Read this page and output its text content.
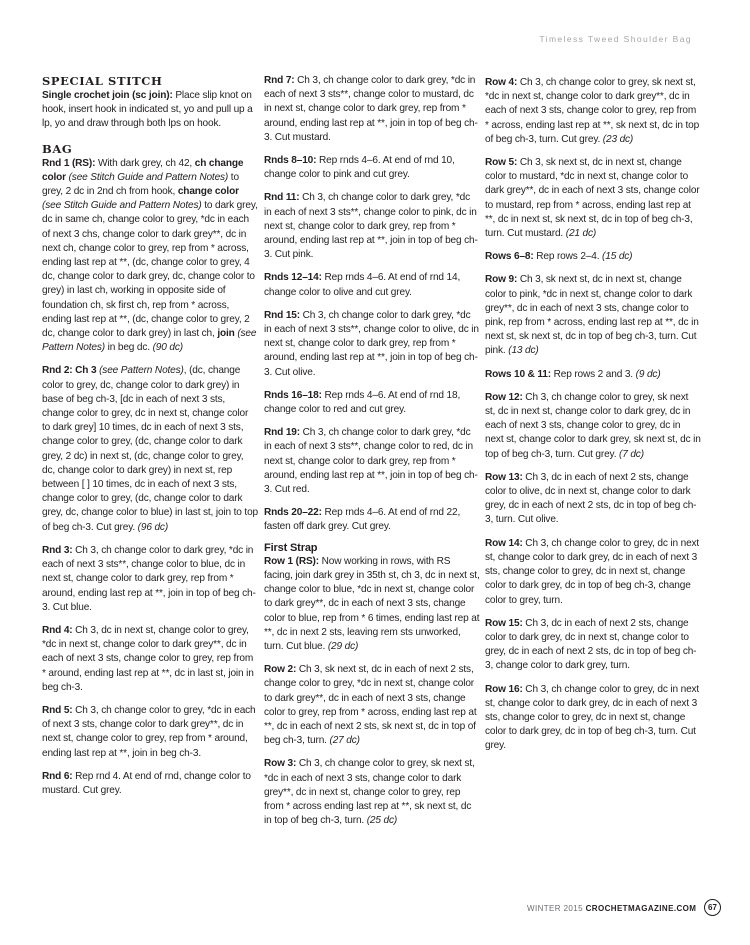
Timeless Tweed Shoulder Bag
SPECIAL STITCH

Single crochet join (sc join): Place slip knot on hook, insert hook in indicated st, yo and pull up a lp, yo and draw through both lps on hook.

BAG

Rnd 1 (RS): With dark grey, ch 42, ch change color (see Stitch Guide and Pattern Notes) to grey, 2 dc in 2nd ch from hook, change color (see Stitch Guide and Pattern Notes) to dark grey, dc in same ch, change color to grey, *dc in each of next 3 chs, change color to dark grey**, dc in next ch, change color to grey, rep from * across, ending last rep at **, (dc, change color to grey, 4 dc, change color to dark grey, dc, change color to grey) in last ch, working in opposite side of foundation ch, sk first ch, rep from * across, ending last rep at **, (dc, change color to grey, 2 dc, change color to dark grey) in last ch, join (see Pattern Notes) in beg dc. (90 dc)

Rnd 2: Ch 3 (see Pattern Notes), (dc, change color to grey, dc, change color to dark grey) in base of beg ch-3, [dc in each of next 3 sts, change color to grey, dc in next st, change color to dark grey] 10 times, dc in each of next 3 sts, change color to grey, (dc, change color to dark grey, 2 dc) in next st, (dc, change color to grey, dc, change color to dark grey) in next st, rep between [ ] 10 times, dc in each of next 3 sts, change color to grey, (dc, change color to dark grey, dc, change color to blue) in last st, join to top of beg ch-3. Cut grey. (96 dc)

Rnd 3: Ch 3, ch change color to dark grey, *dc in each of next 3 sts**, change color to blue, dc in next st, change color to dark grey, rep from * around, ending last rep at **, join in top of beg ch-3. Cut blue.

Rnd 4: Ch 3, dc in next st, change color to grey, *dc in next st, change color to dark grey**, dc in each of next 3 sts, change color to grey, rep from * around, ending last rep at **, dc in last st, join in beg ch-3.

Rnd 5: Ch 3, ch change color to grey, *dc in each of next 3 sts, change color to dark grey**, dc in next st, change color to grey, rep from * around, ending last rep at **, join in beg ch-3.

Rnd 6: Rep rnd 4. At end of rnd, change color to mustard. Cut grey.

Rnd 7: Ch 3, ch change color to dark grey, *dc in each of next 3 sts**, change color to mustard, dc in next st, change color to dark grey, rep from * around, ending last rep at **, join in top of beg ch-3. Cut mustard.

Rnds 8–10: Rep rnds 4–6. At end of rnd 10, change color to pink and cut grey.

Rnd 11: Ch 3, ch change color to dark grey, *dc in each of next 3 sts**, change color to pink, dc in next st, change color to dark grey, rep from * around, ending last rep at **, join in top of beg ch-3. Cut pink.

Rnds 12–14: Rep rnds 4–6. At end of rnd 14, change color to olive and cut grey.

Rnd 15: Ch 3, ch change color to dark grey, *dc in each of next 3 sts**, change color to olive, dc in next st, change color to dark grey, rep from * around, ending last rep at **, join in top of beg ch-3. Cut olive.

Rnds 16–18: Rep rnds 4–6. At end of rnd 18, change color to red and cut grey.

Rnd 19: Ch 3, ch change color to dark grey, *dc in each of next 3 sts**, change color to red, dc in next st, change color to dark grey, rep from * around, ending last rep at **, join in top of beg ch-3. Cut red.

Rnds 20–22: Rep rnds 4–6. At end of rnd 22, fasten off dark grey. Cut grey.

First Strap

Row 1 (RS): Now working in rows, with RS facing, join dark grey in 35th st, ch 3, dc in next st, change color to blue, *dc in next st, change color to dark grey**, dc in each of next 3 sts, change color to blue, rep from * 6 times, ending last rep at **, dc in next 2 sts, leaving rem sts unworked, turn. Cut blue. (29 dc)

Row 2: Ch 3, sk next st, dc in each of next 2 sts, change color to grey, *dc in next st, change color to dark grey**, dc in each of next 3 sts, change color to grey, rep from * across, ending last rep at **, dc in each of next 2 sts, sk next st, dc in top of beg ch-3, turn. (27 dc)

Row 3: Ch 3, ch change color to grey, sk next st, *dc in each of next 3 sts, change color to dark grey**, dc in next st, change color to grey, rep from * across ending last rep at **, sk next st, dc in top of beg ch-3, turn. (25 dc)

Row 4: Ch 3, ch change color to grey, sk next st, *dc in next st, change color to dark grey**, dc in each of next 3 sts, change color to grey, rep from * across, ending last rep at **, sk next st, dc in top of beg ch-3, turn. Cut grey. (23 dc)

Row 5: Ch 3, sk next st, dc in next st, change color to mustard, *dc in next st, change color to dark grey**, dc in each of next 3 sts, change color to mustard, rep from * across, ending last rep at **, dc in next st, sk next st, dc in top of beg ch-3, turn. Cut mustard. (21 dc)

Rows 6–8: Rep rows 2–4. (15 dc)

Row 9: Ch 3, sk next st, dc in next st, change color to pink, *dc in next st, change color to dark grey**, dc in each of next 3 sts, change color to pink, rep from * across, ending last rep at **, dc in next st, sk next st, dc in top of beg ch-3, turn. Cut pink. (13 dc)

Rows 10 & 11: Rep rows 2 and 3. (9 dc)

Row 12: Ch 3, ch change color to grey, sk next st, dc in next st, change color to dark grey, dc in each of next 3 sts, change color to grey, dc in next st, change color to dark grey, sk next st, dc in top of beg ch-3, turn. Cut grey. (7 dc)

Row 13: Ch 3, dc in each of next 2 sts, change color to olive, dc in next st, change color to dark grey, dc in each of next 2 sts, dc in top of beg ch-3, turn. Cut olive.

Row 14: Ch 3, ch change color to grey, dc in next st, change color to dark grey, dc in each of next 3 sts, change color to grey, dc in next st, change color to dark grey, dc in top of beg ch-3, change color to grey, turn.

Row 15: Ch 3, dc in each of next 2 sts, change color to dark grey, dc in next st, change color to grey, dc in each of next 2 sts, dc in top of beg ch-3, change color to dark grey, turn.

Row 16: Ch 3, ch change color to grey, dc in next st, change color to dark grey, dc in each of next 3 sts, change color to grey, dc in next st, change color to dark grey, dc in top of beg ch-3, turn. Cut grey.

WINTER 2015 CROCHETMAGAZINE.COM	67
